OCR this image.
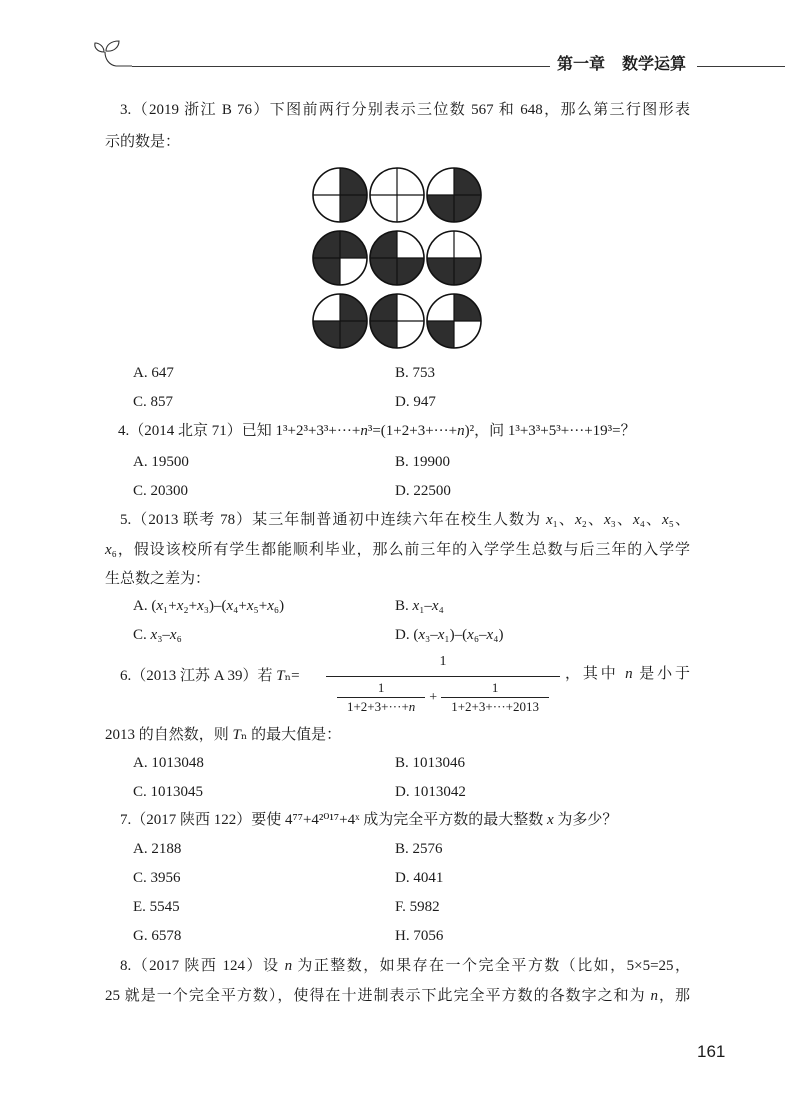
第一章 数学运算
3.（2019 浙江 B 76）下图前两行分别表示三位数 567 和 648，那么第三行图形表
示的数是：
A. 647	B. 753
C. 857	D. 947
4.（2014 北京 71）已知 1³+2³+3³+···+n³=(1+2+3+···+n)²，问 1³+3³+5³+···+19³=？
A. 19500	B. 19900
C. 20300	D. 22500
5.（2013 联考 78）某三年制普通初中连续六年在校生人数为 x₁、x₂、x₃、x₄、x₅、
x₆，假设该校所有学生都能顺利毕业，那么前三年的入学学生总数与后三年的入学学
生总数之差为：
A. (x₁+x₂+x₃)–(x₄+x₅+x₆)	B. x₁–x₄
C. x₃–x₆	D. (x₃–x₁)–(x₆–x₄)
6.（2013 江苏 A 39）若 Tₙ=
1
1
1+2+3+···+n
+
1
1+2+3+···+2013
，其中 n 是小于
2013 的自然数，则 Tₙ 的最大值是：
A. 1013048	B. 1013046
C. 1013045	D. 1013042
7.（2017 陕西 122）要使 4⁷⁷+4²⁰¹⁷+4ˣ 成为完全平方数的最大整数 x 为多少？
A. 2188	B. 2576
C. 3956	D. 4041
E. 5545	F. 5982
G. 6578	H. 7056
8.（2017 陕西 124）设 n 为正整数，如果存在一个完全平方数（比如，5×5=25，
25 就是一个完全平方数），使得在十进制表示下此完全平方数的各数字之和为 n，那
161
